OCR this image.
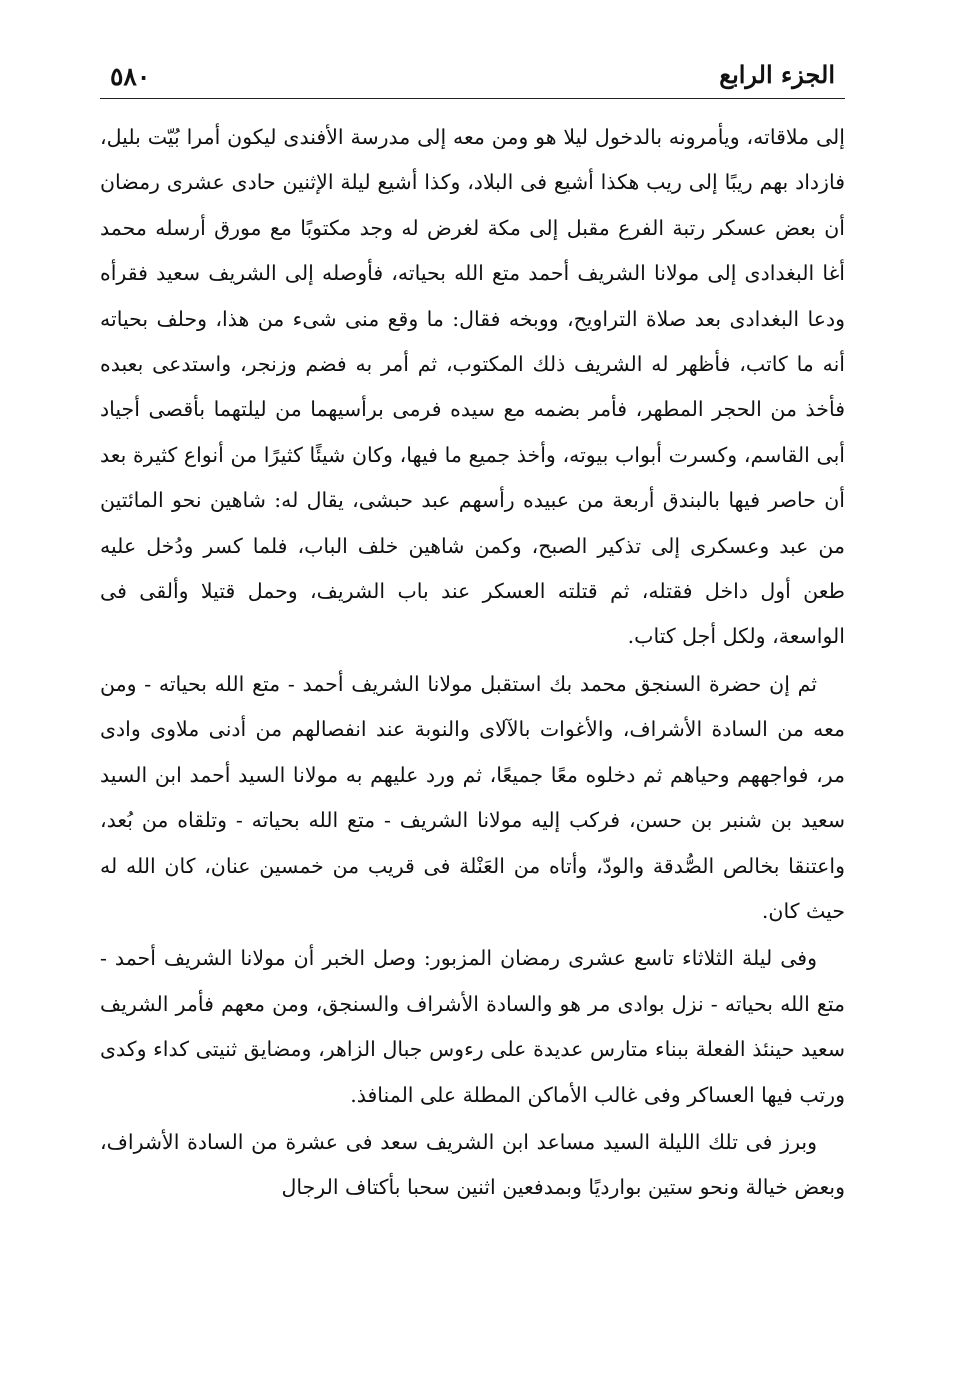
٥٨٠	الجزء الرابع

إلى ملاقاته، ويأمرونه بالدخول ليلا هو ومن معه إلى مدرسة الأفندى ليكون أمرا بُيّت بليل، فازداد بهم ريبًا إلى ريب هكذا أشيع فى البلاد، وكذا أشيع ليلة الإثنين حادى عشرى رمضان أن بعض عسكر رتبة الفرع مقبل إلى مكة لغرض له وجد مكتوبًا مع مورق أرسله محمد أغا البغدادى إلى مولانا الشريف أحمد متع الله بحياته، فأوصله إلى الشريف سعيد فقرأه ودعا البغدادى بعد صلاة التراويح، ووبخه فقال: ما وقع منى شىء من هذا، وحلف بحياته أنه ما كاتب، فأظهر له الشريف ذلك المكتوب، ثم أمر به فضم وزنجر، واستدعى بعبده فأخذ من الحجر المطهر، فأمر بضمه مع سيده فرمى برأسيهما من ليلتهما بأقصى أجياد أبى القاسم، وكسرت أبواب بيوته، وأخذ جميع ما فيها، وكان شيئًا كثيرًا من أنواع كثيرة بعد أن حاصر فيها بالبندق أربعة من عبيده رأسهم عبد حبشى، يقال له: شاهين نحو المائتين من عبد وعسكرى إلى تذكير الصبح، وكمن شاهين خلف الباب، فلما كسر ودُخل عليه طعن أول داخل فقتله، ثم قتلته العسكر عند باب الشريف، وحمل قتيلا وألقى فى الواسعة، ولكل أجل كتاب.

ثم إن حضرة السنجق محمد بك استقبل مولانا الشريف أحمد - متع الله بحياته - ومن معه من السادة الأشراف، والأغوات بالآلاى والنوبة عند انفصالهم من أدنى ملاوى وادى مر، فواجههم وحياهم ثم دخلوه معًا جميعًا، ثم ورد عليهم به مولانا السيد أحمد ابن السيد سعيد بن شنبر بن حسن، فركب إليه مولانا الشريف - متع الله بحياته - وتلقاه من بُعد، واعتنقا بخالص الصُّدقة والودّ، وأتاه من العَنْلة فى قريب من خمسين عنان، كان الله له حيث كان.

وفى ليلة الثلاثاء تاسع عشرى رمضان المزبور: وصل الخبر أن مولانا الشريف أحمد - متع الله بحياته - نزل بوادى مر هو والسادة الأشراف والسنجق، ومن معهم فأمر الشريف سعيد حينئذ الفعلة ببناء متارس عديدة على رءوس جبال الزاهر، ومضايق ثنيتى كداء وكدى ورتب فيها العساكر وفى غالب الأماكن المطلة على المنافذ.

وبرز فى تلك الليلة السيد مساعد ابن الشريف سعد فى عشرة من السادة الأشراف، وبعض خيالة ونحو ستين بواردیًا وبمدفعين اثنين سحبا بأكتاف الرجال
